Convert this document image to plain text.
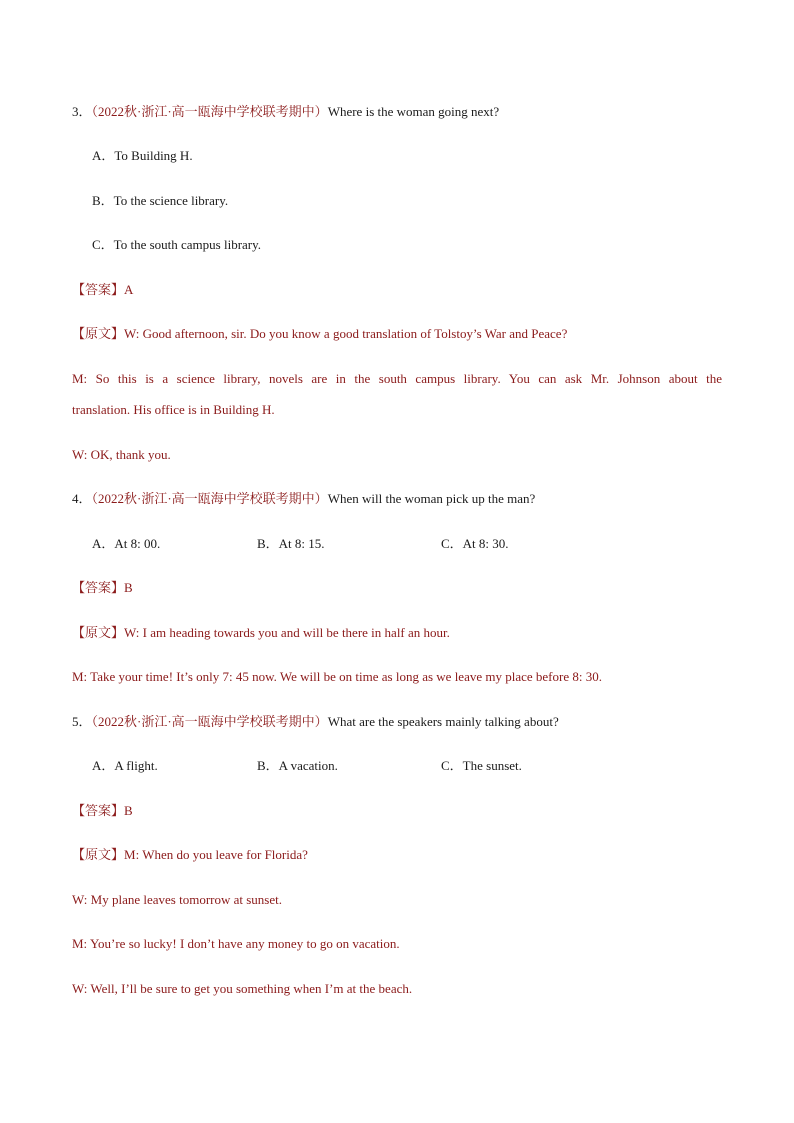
3．（2022秋·浙江·高一瓯海中学校联考期中）Where is the woman going next?
A．To Building H.
B．To the science library.
C．To the south campus library.
【答案】A
【原文】W: Good afternoon, sir. Do you know a good translation of Tolstoy’s War and Peace?
M: So this is a science library, novels are in the south campus library. You can ask Mr. Johnson about the
translation. His office is in Building H.
W: OK, thank you.
4．（2022秋·浙江·高一瓯海中学校联考期中）When will the woman pick up the man?
A．At 8: 00.	B．At 8: 15.	C．At 8: 30.
【答案】B
【原文】W: I am heading towards you and will be there in half an hour.
M: Take your time! It’s only 7: 45 now. We will be on time as long as we leave my place before 8: 30.
5．（2022秋·浙江·高一瓯海中学校联考期中）What are the speakers mainly talking about?
A．A flight.	B．A vacation.	C．The sunset.
【答案】B
【原文】M: When do you leave for Florida?
W: My plane leaves tomorrow at sunset.
M: You’re so lucky! I don’t have any money to go on vacation.
W: Well, I’ll be sure to get you something when I’m at the beach.
